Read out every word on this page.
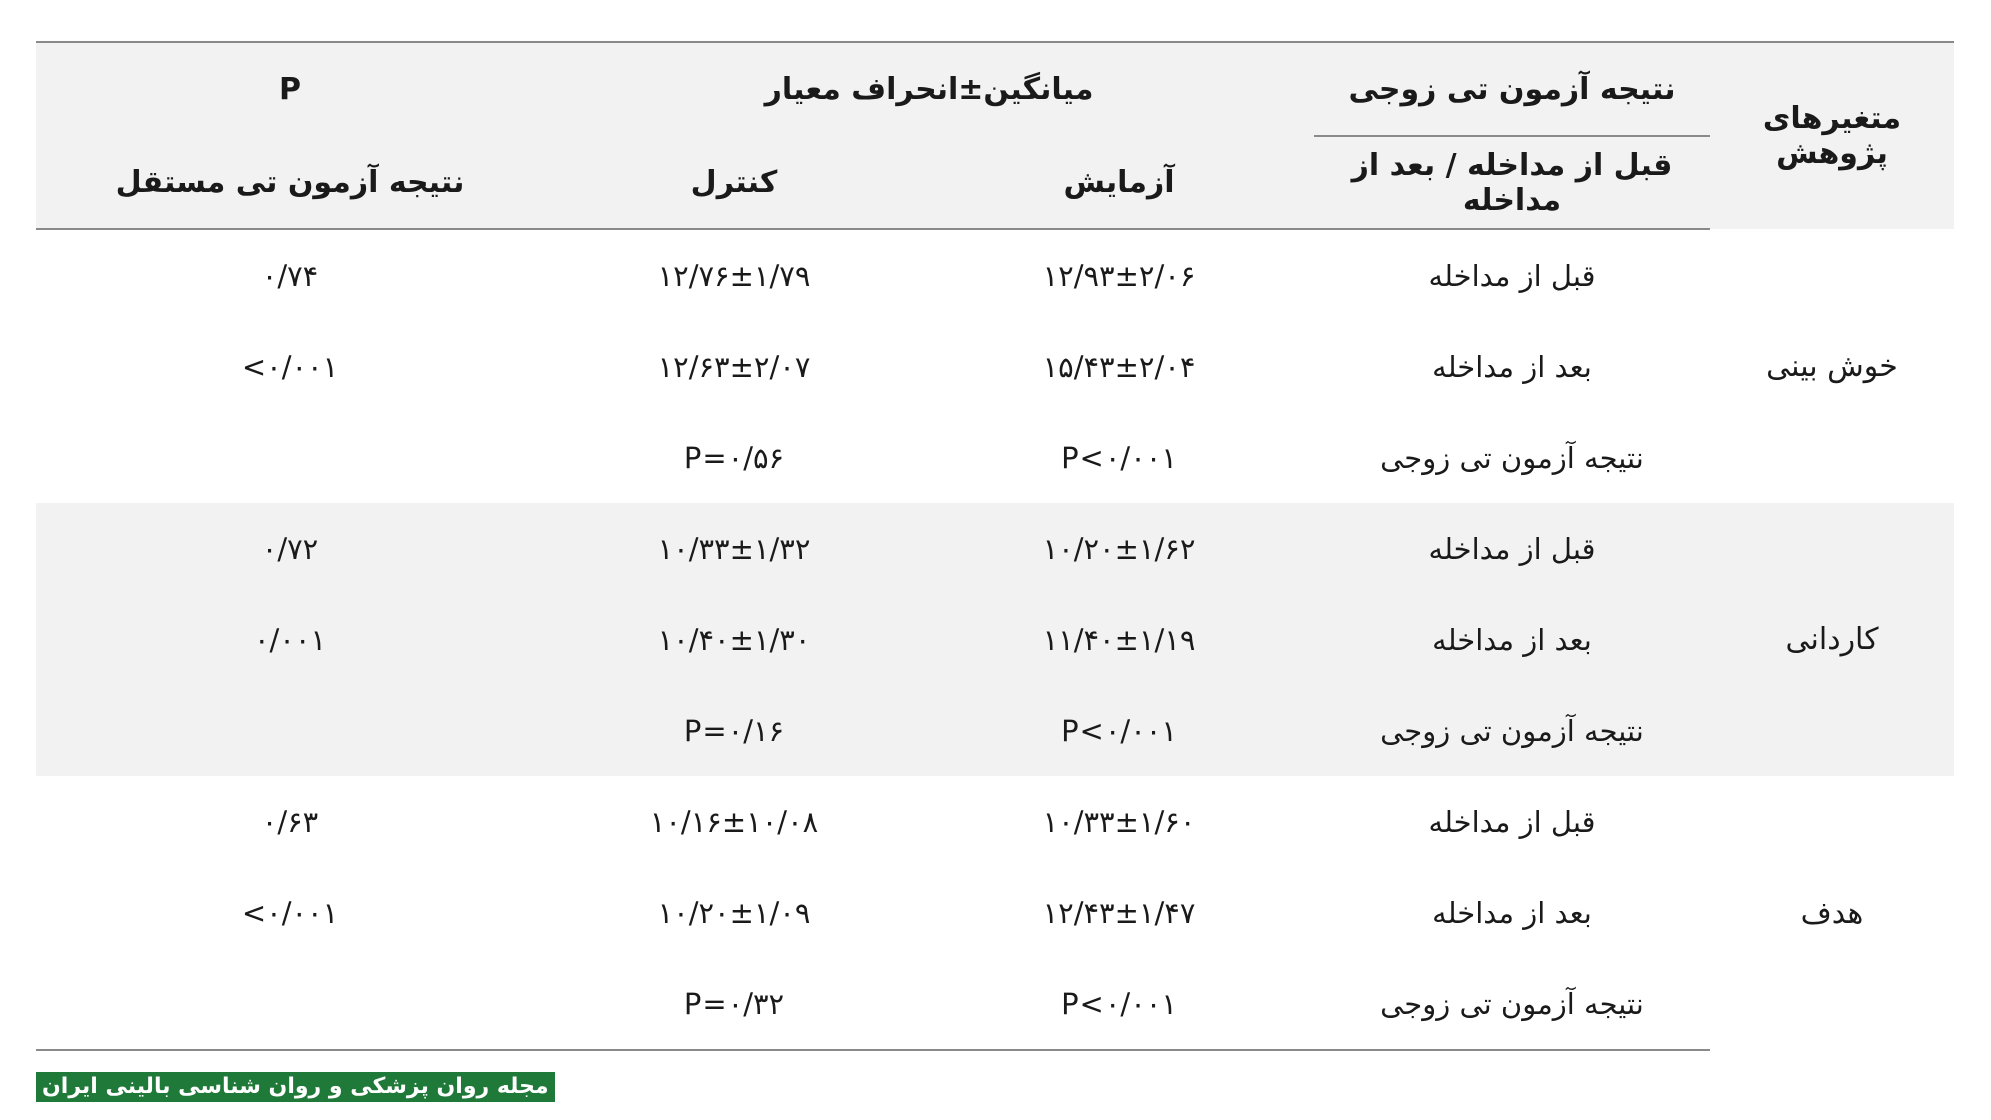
متغیرهای پژوهش	نتیجه آزمون تی زوجی	میانگین±انحراف معیار		P
	قبل از مداخله / بعد از مداخله	آزمایش	کنترل	نتیجه آزمون تی مستقل
خوش بینی	قبل از مداخله	۱۲/۹۳±۲/۰۶	۱۲/۷۶±۱/۷۹	۰/۷۴
	بعد از مداخله	۱۵/۴۳±۲/۰۴	۱۲/۶۳±۲/۰۷	<۰/۰۰۱
	نتیجه آزمون تی زوجی	P<۰/۰۰۱	P=۰/۵۶	
کاردانی	قبل از مداخله	۱۰/۲۰±۱/۶۲	۱۰/۳۳±۱/۳۲	۰/۷۲
	بعد از مداخله	۱۱/۴۰±۱/۱۹	۱۰/۴۰±۱/۳۰	۰/۰۰۱
	نتیجه آزمون تی زوجی	P<۰/۰۰۱	P=۰/۱۶	
هدف	قبل از مداخله	۱۰/۳۳±۱/۶۰	۱۰/۱۶±۱۰/۰۸	۰/۶۳
	بعد از مداخله	۱۲/۴۳±۱/۴۷	۱۰/۲۰±۱/۰۹	<۰/۰۰۱
	نتیجه آزمون تی زوجی	P<۰/۰۰۱	P=۰/۳۲	
مجله روان پزشکی و روان شناسی بالینی ایران
